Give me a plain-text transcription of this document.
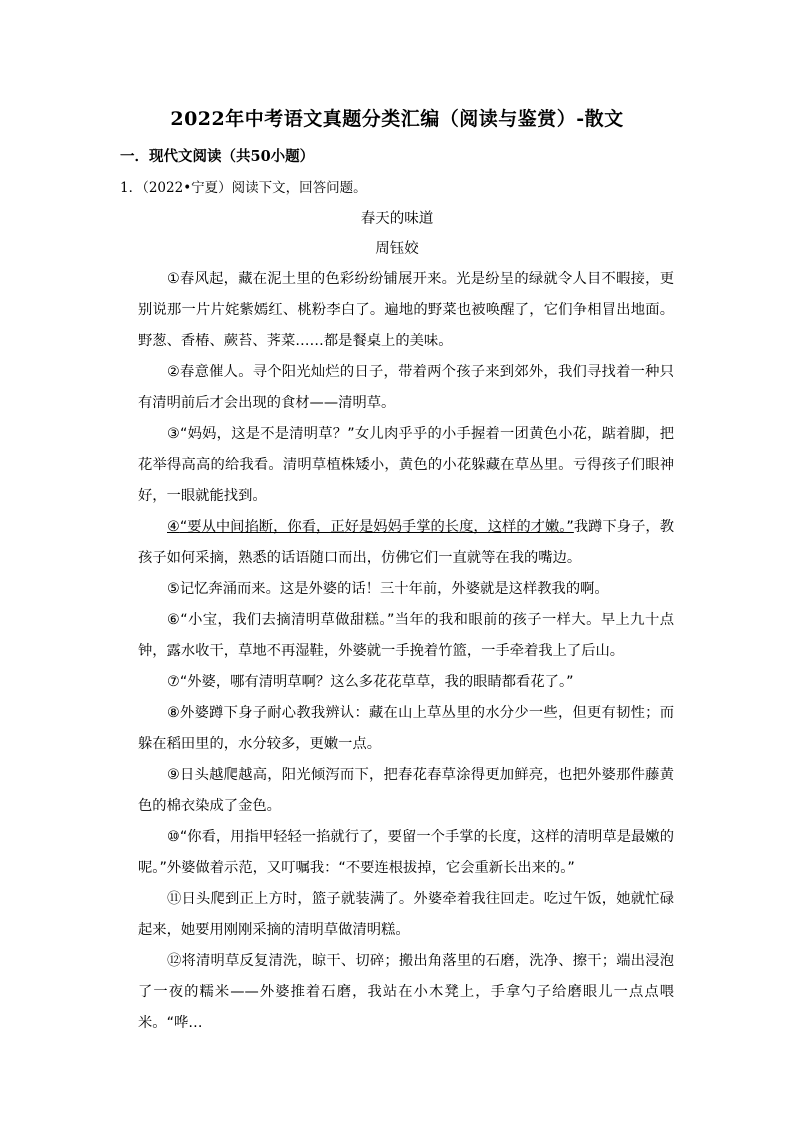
2022年中考语文真题分类汇编（阅读与鉴赏）-散文
一．现代文阅读（共50小题）
1．（2022•宁夏）阅读下文，回答问题。
春天的味道
周钰姣

①春风起，藏在泥土里的色彩纷纷铺展开来。光是纷呈的绿就令人目不暇接，更别说那一片片姹紫嫣红、桃粉李白了。遍地的野菜也被唤醒了，它们争相冒出地面。野葱、香椿、蕨苔、荠菜……都是餐桌上的美味。

②春意催人。寻个阳光灿烂的日子，带着两个孩子来到郊外，我们寻找着一种只有清明前后才会出现的食材——清明草。

③“妈妈，这是不是清明草？”女儿肉乎乎的小手握着一团黄色小花，踮着脚，把花举得高高的给我看。清明草植株矮小，黄色的小花躲藏在草丛里。亏得孩子们眼神好，一眼就能找到。

④“要从中间掐断，你看，正好是妈妈手掌的长度，这样的才嫩。”我蹲下身子，教孩子如何采摘，熟悉的话语随口而出，仿佛它们一直就等在我的嘴边。

⑤记忆奔涌而来。这是外婆的话！三十年前，外婆就是这样教我的啊。

⑥“小宝，我们去摘清明草做甜糕。”当年的我和眼前的孩子一样大。早上九十点钟，露水收干，草地不再湿鞋，外婆就一手挽着竹篮，一手牵着我上了后山。

⑦“外婆，哪有清明草啊？这么多花花草草，我的眼睛都看花了。”

⑧外婆蹲下身子耐心教我辨认：藏在山上草丛里的水分少一些，但更有韧性；而躲在稻田里的，水分较多，更嫩一点。

⑨日头越爬越高，阳光倾泻而下，把春花春草涂得更加鲜亮，也把外婆那件藤黄色的棉衣染成了金色。

⑩“你看，用指甲轻轻一掐就行了，要留一个手掌的长度，这样的清明草是最嫩的呢。”外婆做着示范，又叮嘱我：“不要连根拔掉，它会重新长出来的。”

⑪日头爬到正上方时，篮子就装满了。外婆牵着我往回走。吃过午饭，她就忙碌起来，她要用刚刚采摘的清明草做清明糕。

⑫将清明草反复清洗，晾干、切碎；搬出角落里的石磨，洗净、擦干；端出浸泡了一夜的糯米——外婆推着石磨，我站在小木凳上，手拿勺子给磨眼儿一点点喂米。“哗…
